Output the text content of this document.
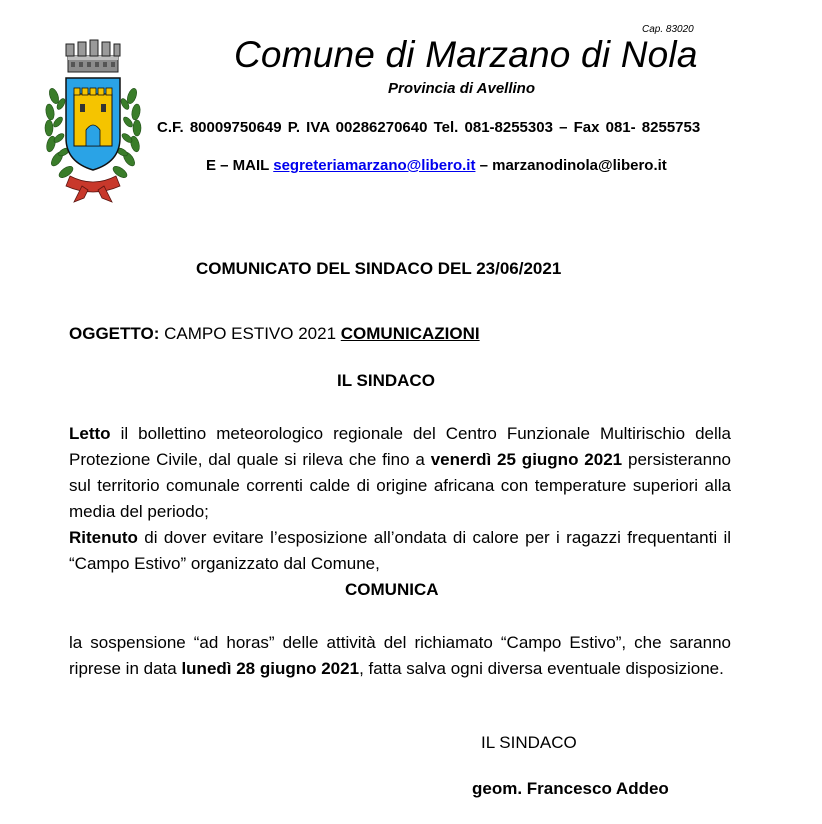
Cap. 83020
Comune di Marzano di Nola
Provincia di Avellino
C.F. 80009750649 P. IVA 00286270640 Tel. 081-8255303 – Fax 081- 8255753
E – MAIL segreteriamarzano@libero.it – marzanodinola@libero.it
COMUNICATO DEL SINDACO DEL 23/06/2021
OGGETTO: CAMPO ESTIVO 2021 COMUNICAZIONI
IL SINDACO
Letto il bollettino meteorologico regionale del Centro Funzionale Multirischio della Protezione Civile, dal quale si rileva che fino a venerdì 25 giugno 2021 persisteranno sul territorio comunale correnti calde di origine africana con temperature superiori alla media del periodo;
Ritenuto di dover evitare l’esposizione all’ondata di calore per i ragazzi frequentanti il “Campo Estivo” organizzato dal Comune,
COMUNICA
la sospensione “ad horas” delle attività del richiamato “Campo Estivo”, che saranno riprese in data lunedì 28 giugno 2021, fatta salva ogni diversa eventuale disposizione.
IL SINDACO
geom. Francesco Addeo
